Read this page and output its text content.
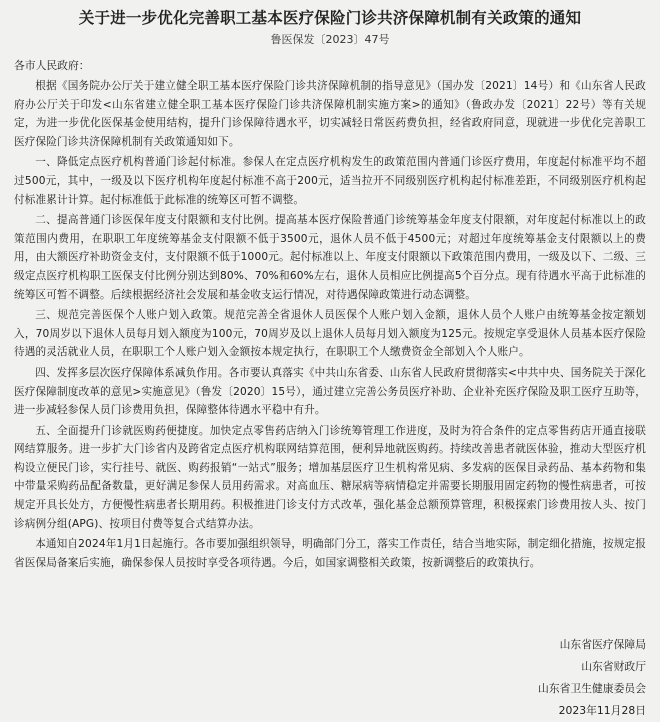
关于进一步优化完善职工基本医疗保险门诊共济保障机制有关政策的通知
鲁医保发〔2023〕47号
各市人民政府：

根据《国务院办公厅关于建立健全职工基本医疗保险门诊共济保障机制的指导意见》（国办发〔2021〕14号）和《山东省人民政府办公厅关于印发<山东省建立健全职工基本医疗保险门诊共济保障机制实施方案>的通知》（鲁政办发〔2021〕22号）等有关规定，为进一步优化医保基金使用结构，提升门诊保障待遇水平，切实减轻日常医药费负担，经省政府同意，现就进一步优化完善职工医疗保险门诊共济保障机制有关政策通知如下。

一、降低定点医疗机构普通门诊起付标准。参保人在定点医疗机构发生的政策范围内普通门诊医疗费用，年度起付标准平均不超过500元，其中，一级及以下医疗机构年度起付标准不高于200元，适当拉开不同级别医疗机构起付标准差距，不同级别医疗机构起付标准累计计算。起付标准低于此标准的统筹区可暂不调整。

二、提高普通门诊医保年度支付限额和支付比例。提高基本医疗保险普通门诊统筹基金年度支付限额，对年度起付标准以上的政策范围内费用，在职职工年度统筹基金支付限额不低于3500元，退休人员不低于4500元；对超过年度统筹基金支付限额以上的费用，由大额医疗补助资金支付，支付限额不低于1000元。起付标准以上、年度支付限额以下政策范围内费用，一级及以下、二级、三级定点医疗机构职工医保支付比例分别达到80%、70%和60%左右，退休人员相应比例提高5个百分点。现有待遇水平高于此标准的统筹区可暂不调整。后续根据经济社会发展和基金收支运行情况，对待遇保障政策进行动态调整。

三、规范完善医保个人账户划入政策。规范完善全省退休人员医保个人账户划入金额，退休人员个人账户由统筹基金按定额划入，70周岁以下退休人员每月划入额度为100元，70周岁及以上退休人员每月划入额度为125元。按规定享受退休人员基本医疗保险待遇的灵活就业人员，在职职工个人账户划入金额按本规定执行，在职职工个人缴费资金全部划入个人账户。

四、发挥多层次医疗保障体系减负作用。各市要认真落实《中共山东省委、山东省人民政府贯彻落实<中共中央、国务院关于深化医疗保障制度改革的意见>实施意见》（鲁发〔2020〕15号），通过建立完善公务员医疗补助、企业补充医疗保险及职工医疗互助等，进一步减轻参保人员门诊费用负担，保障整体待遇水平稳中有升。

五、全面提升门诊就医购药便捷度。加快定点零售药店纳入门诊统筹管理工作进度，及时为符合条件的定点零售药店开通直接联网结算服务。进一步扩大门诊省内及跨省定点医疗机构联网结算范围，便利异地就医购药。持续改善患者就医体验，推动大型医疗机构设立便民门诊，实行挂号、就医、购药报销“一站式”服务；增加基层医疗卫生机构常见病、多发病的医保目录药品、基本药物和集中带量采购药品配备数量，更好满足参保人员用药需求。对高血压、糖尿病等病情稳定并需要长期服用固定药物的慢性病患者，可按规定开具长处方，方便慢性病患者长期用药。积极推进门诊支付方式改革，强化基金总额预算管理，积极探索门诊费用按人头、按门诊病例分组(APG)、按项目付费等复合式结算办法。

本通知自2024年1月1日起施行。各市要加强组织领导，明确部门分工，落实工作责任，结合当地实际，制定细化措施，按规定报省医保局备案后实施，确保参保人员按时享受各项待遇。今后，如国家调整相关政策，按新调整后的政策执行。

山东省医疗保障局
山东省财政厅
山东省卫生健康委员会
2023年11月28日
